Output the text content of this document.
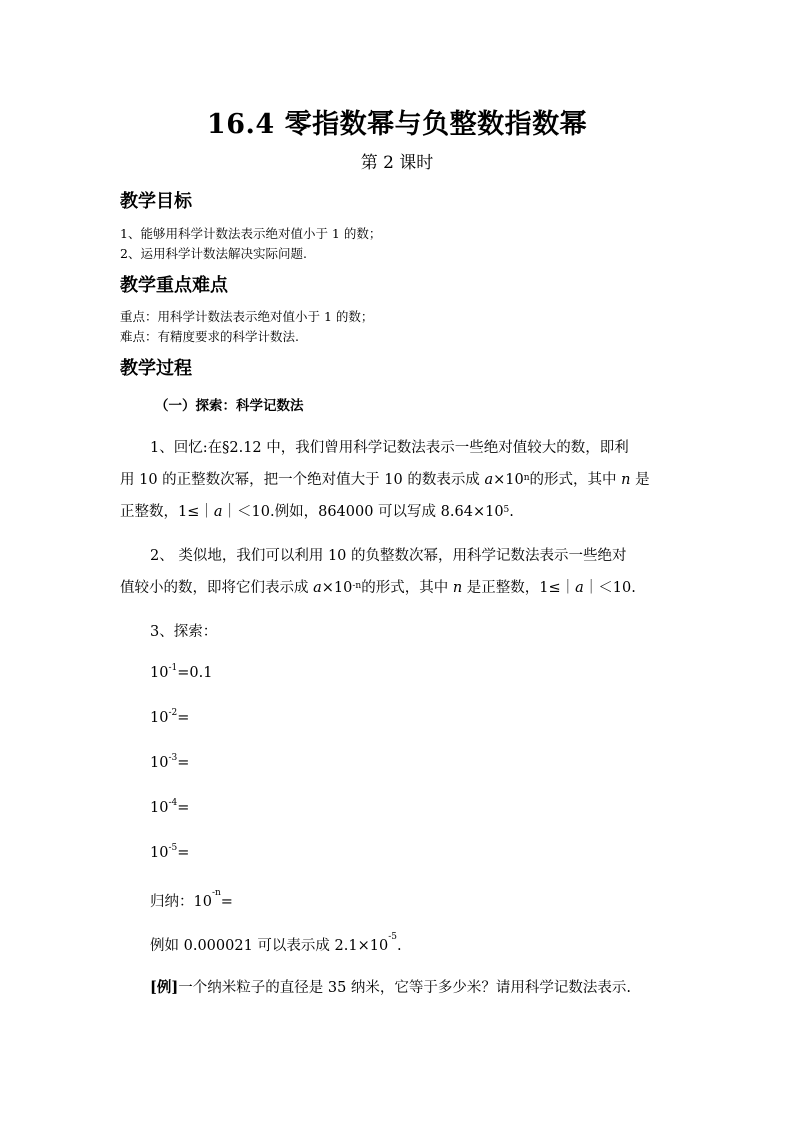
16.4 零指数幂与负整数指数幂
第 2 课时
教学目标
1、能够用科学计数法表示绝对值小于 1 的数；
2、运用科学计数法解决实际问题.
教学重点难点
重点：用科学计数法表示绝对值小于 1 的数；
难点：有精度要求的科学计数法.
教学过程
（一）探索：科学记数法
1、回忆:在§2.12 中，我们曾用科学记数法表示一些绝对值较大的数，即利
用 10 的正整数次幂，把一个绝对值大于 10 的数表示成 $a\times 10^n$的形式，其中 n 是
正整数，1≤｜a｜＜10.例如，864000 可以写成 $8.64\times 10^5$.
2、 类似地，我们可以利用 10 的负整数次幂，用科学记数法表示一些绝对
值较小的数，即将它们表示成 $a\times 10^{-n}$的形式，其中 n 是正整数，1≤｜a｜＜10.
3、探索：
$10^{-1}=0.1$
$10^{-2}=$
$10^{-3}=$
$10^{-4}=$
$10^{-5}=$
归纳：$10^{-n}=$
例如 0.000021 可以表示成 $2.1\times 10^{-5}$.
[例]一个纳米粒子的直径是 35 纳米，它等于多少米？请用科学记数法表示.
